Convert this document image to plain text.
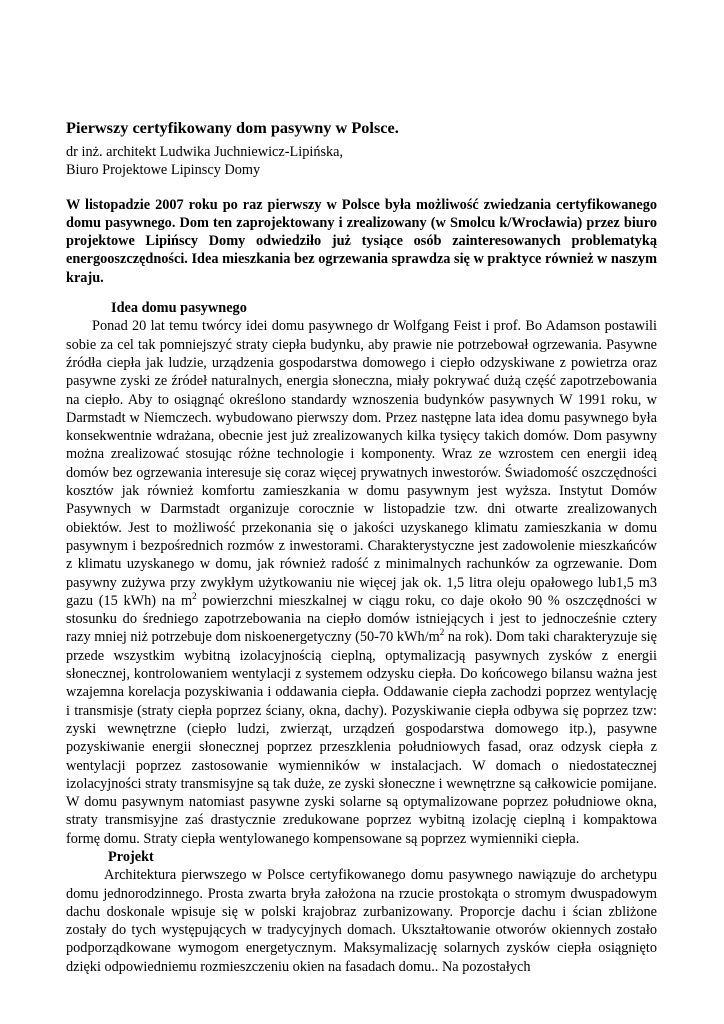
Pierwszy certyfikowany dom pasywny w Polsce.

dr inż. architekt Ludwika Juchniewicz-Lipińska,

Biuro Projektowe Lipinscy Domy

W listopadzie 2007 roku po raz pierwszy w Polsce była możliwość zwiedzania certyfikowanego domu pasywnego. Dom ten zaprojektowany i zrealizowany (w Smolcu k/Wrocławia) przez biuro projektowe Lipińscy Domy odwiedziło już tysiące osób zainteresowanych problematyką energooszczędności. Idea mieszkania bez ogrzewania sprawdza się w praktyce również w naszym kraju.

Idea domu pasywnego

Ponad 20 lat temu twórcy idei domu pasywnego dr Wolfgang Feist i prof. Bo Adamson postawili sobie za cel tak pomniejszyć straty ciepła budynku, aby prawie nie potrzebował ogrzewania. Pasywne źródła ciepła jak ludzie, urządzenia gospodarstwa domowego i ciepło odzyskiwane z powietrza oraz pasywne zyski ze źródeł naturalnych, energia słoneczna, miały pokrywać dużą część zapotrzebowania na ciepło. Aby to osiągnąć określono standardy wznoszenia budynków pasywnych W 1991 roku, w Darmstadt w Niemczech. wybudowano pierwszy dom. Przez następne lata idea domu pasywnego była konsekwentnie wdrażana, obecnie jest już zrealizowanych kilka tysięcy takich domów. Dom pasywny można zrealizować stosując różne technologie i komponenty. Wraz ze wzrostem cen energii ideą domów bez ogrzewania interesuje się coraz więcej prywatnych inwestorów. Świadomość oszczędności kosztów jak również komfortu zamieszkania w domu pasywnym jest wyższa. Instytut Domów Pasywnych w Darmstadt organizuje corocznie w listopadzie tzw. dni otwarte zrealizowanych obiektów. Jest to możliwość przekonania się o jakości uzyskanego klimatu zamieszkania w domu pasywnym i bezpośrednich rozmów z inwestorami. Charakterystyczne jest zadowolenie mieszkańców z klimatu uzyskanego w domu, jak również radość z minimalnych rachunków za ogrzewanie. Dom pasywny zużywa przy zwykłym użytkowaniu nie więcej jak ok. 1,5 litra oleju opałowego lub1,5 m3 gazu (15 kWh) na $m^2$ powierzchni mieszkalnej w ciągu roku, co daje około 90 % oszczędności w stosunku do średniego zapotrzebowania na ciepło domów istniejących i jest to jednocześnie cztery razy mniej niż potrzebuje dom niskoenergetyczny (50-70 kWh/$m^2$ na rok). Dom taki charakteryzuje się przede wszystkim wybitną izolacyjnością cieplną, optymalizacją pasywnych zysków z energii słonecznej, kontrolowaniem wentylacji z systemem odzysku ciepła. Do końcowego bilansu ważna jest wzajemna korelacja pozyskiwania i oddawania ciepła. Oddawanie ciepła zachodzi poprzez wentylację i transmisje (straty ciepła poprzez ściany, okna, dachy). Pozyskiwanie ciepła odbywa się poprzez tzw: zyski wewnętrzne (ciepło ludzi, zwierząt, urządzeń gospodarstwa domowego itp.), pasywne pozyskiwanie energii słonecznej poprzez przeszklenia południowych fasad, oraz odzysk ciepła z wentylacji poprzez zastosowanie wymienników w instalacjach. W domach o niedostatecznej izolacyjności straty transmisyjne są tak duże, ze zyski słoneczne i wewnętrzne są całkowicie pomijane. W domu pasywnym natomiast pasywne zyski solarne są optymalizowane poprzez południowe okna, straty transmisyjne zaś drastycznie zredukowane poprzez wybitną izolację cieplną i kompaktowa formę domu. Straty ciepła wentylowanego kompensowane są poprzez wymienniki ciepła.

Projekt

Architektura pierwszego w Polsce certyfikowanego domu pasywnego nawiązuje do archetypu domu jednorodzinnego. Prosta zwarta bryła założona na rzucie prostokąta o stromym dwuspadowym dachu doskonale wpisuje się w polski krajobraz zurbanizowany. Proporcje dachu i ścian zbliżone zostały do tych występujących w tradycyjnych domach. Ukształtowanie otworów okiennych zostało podporządkowane wymogom energetycznym. Maksymalizację solarnych zysków ciepła osiągnięto dzięki odpowiedniemu rozmieszczeniu okien na fasadach domu.. Na pozostałych
